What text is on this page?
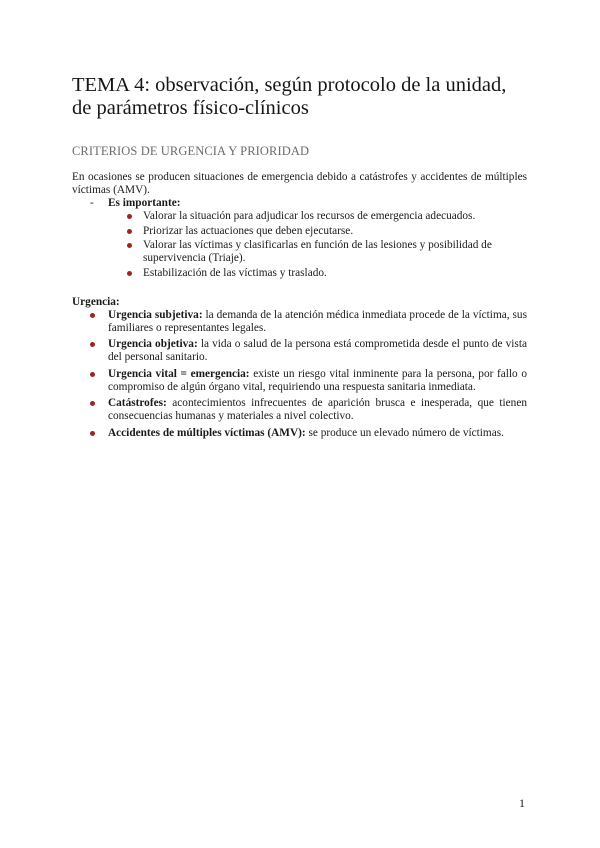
TEMA 4: observación, según protocolo de la unidad, de parámetros físico-clínicos
CRITERIOS DE URGENCIA Y PRIORIDAD
En ocasiones se producen situaciones de emergencia debido a catástrofes y accidentes de múltiples víctimas (AMV).
- Es importante:
Valorar la situación para adjudicar los recursos de emergencia adecuados.
Priorizar las actuaciones que deben ejecutarse.
Valorar las víctimas y clasificarlas en función de las lesiones y posibilidad de supervivencia (Triaje).
Estabilización de las víctimas y traslado.
Urgencia:
Urgencia subjetiva: la demanda de la atención médica inmediata procede de la víctima, sus familiares o representantes legales.
Urgencia objetiva: la vida o salud de la persona está comprometida desde el punto de vista del personal sanitario.
Urgencia vital = emergencia: existe un riesgo vital inminente para la persona, por fallo o compromiso de algún órgano vital, requiriendo una respuesta sanitaria inmediata.
Catástrofes: acontecimientos infrecuentes de aparición brusca e inesperada, que tienen consecuencias humanas y materiales a nivel colectivo.
Accidentes de múltiples víctimas (AMV): se produce un elevado número de víctimas.
1
